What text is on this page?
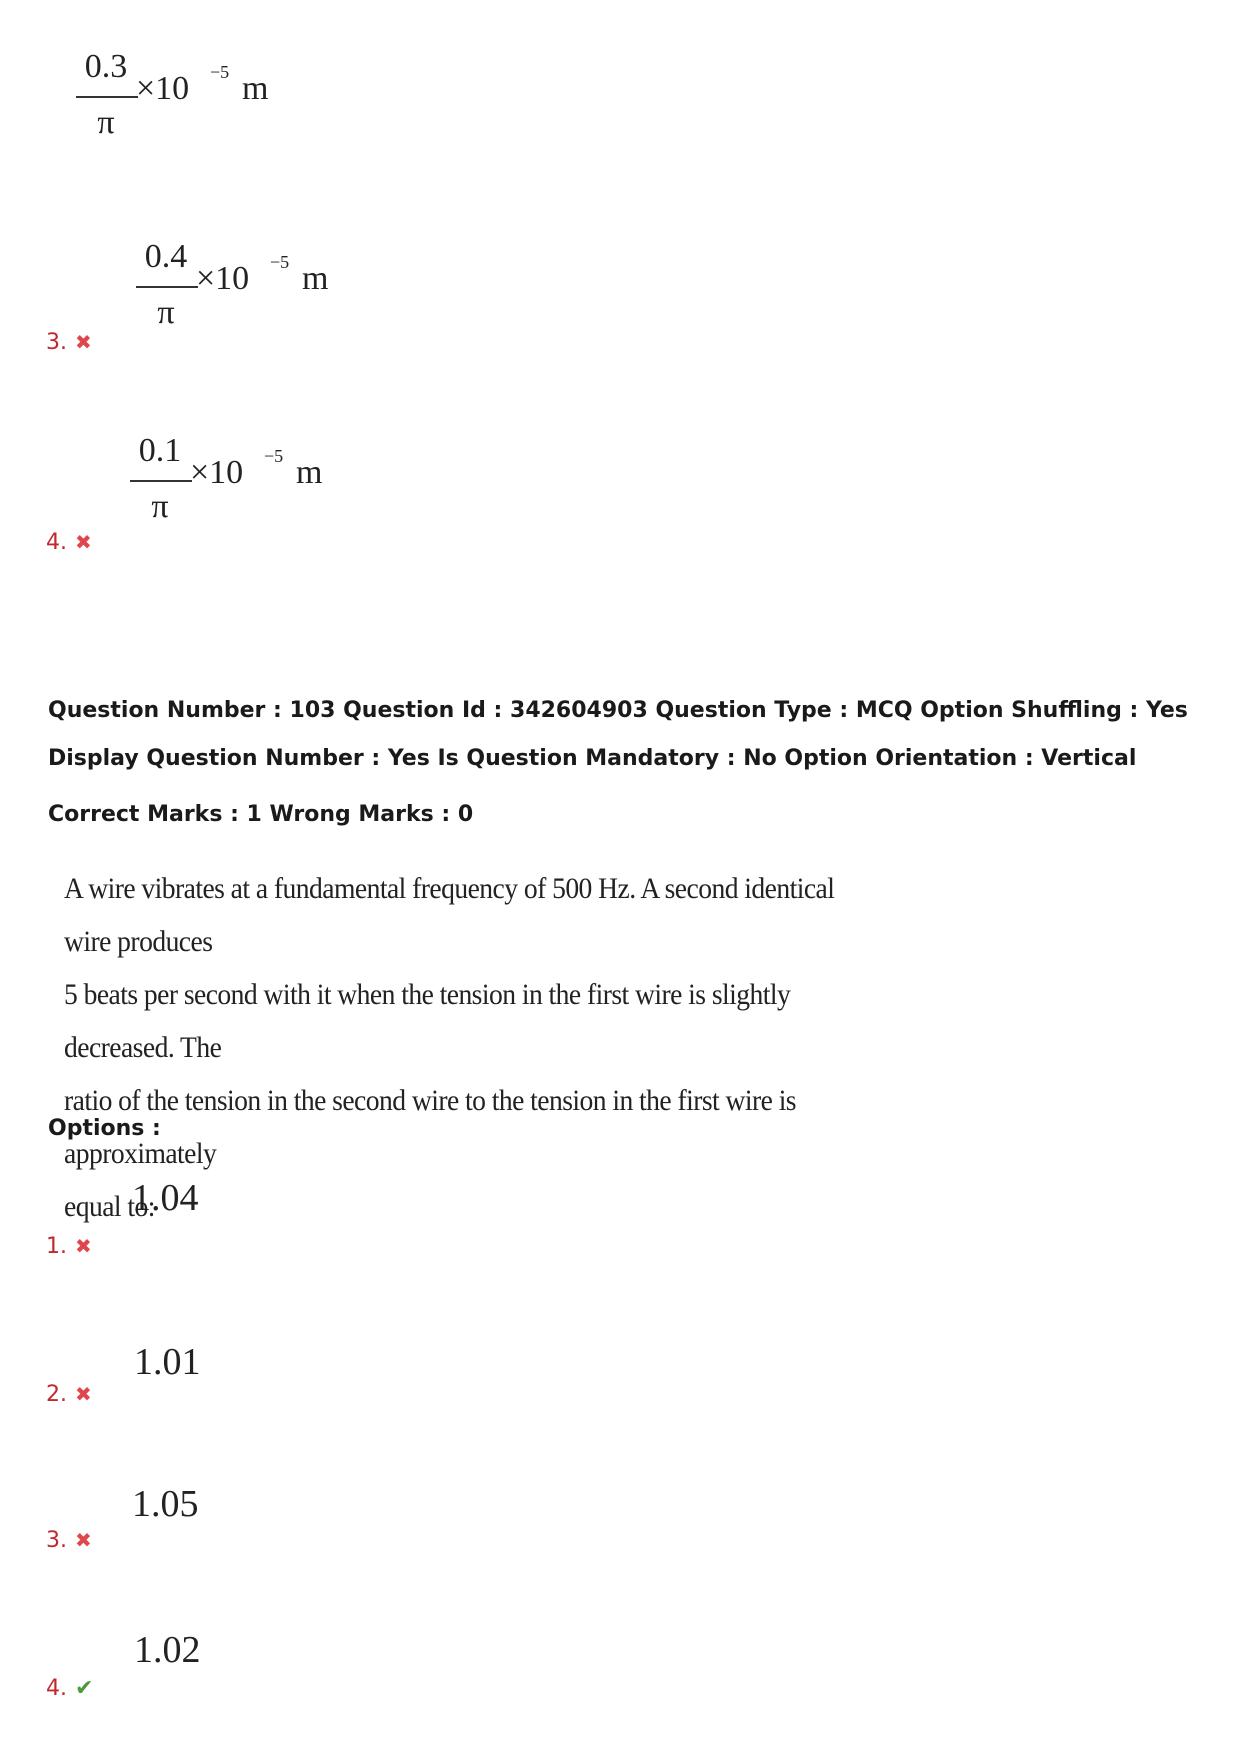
0.3
π
×10 −5 m
3. ✖
0.4
π
×10 −5 m
4. ✖
0.1
π
×10 −5 m
Question Number : 103 Question Id : 342604903 Question Type : MCQ Option Shuffling : Yes
Display Question Number : Yes Is Question Mandatory : No Option Orientation : Vertical
Correct Marks : 1 Wrong Marks : 0
A wire vibrates at a fundamental frequency of 500 Hz. A second identical wire produces
5 beats per second with it when the tension in the first wire is slightly decreased. The
ratio of the tension in the second wire to the tension in the first wire is approximately
equal to:
Options :
1.04
1. ✖
1.01
2. ✖
1.05
3. ✖
1.02
4. ✔
